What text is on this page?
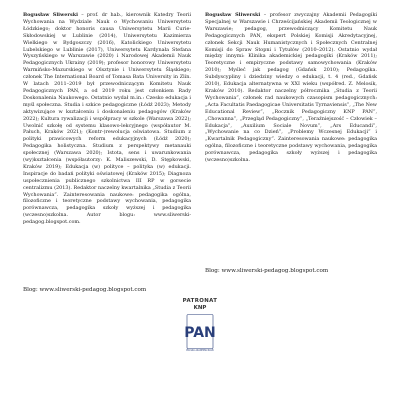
Bogusław Śliwerski – prof. dr hab., kierownik Katedry Teorii Wychowania na Wydziale Nauk o Wychowaniu Uniwersytetu Łódzkiego; doktor honoris causa Uniwersytetu Marii Curie-Skłodowskiej w Lublinie (2014), Uniwersytetu Kazimierza Wielkiego w Bydgoszczy (2016), Katolickiego Uniwersytetu Lubelskiego w Lublinie (2017), Uniwersytetu Kardynała Stefana Wyszyńskiego w Warszawie (2020) i Narodowej Akademii Nauk Pedagogicznych Ukrainy (2019); profesor honorowy Uniwersytetu Warmińsko-Mazurskiego w Olsztynie i Uniwersytetu Śląskiego; członek The International Board of Tomasa Bata University in Zlín. W latach 2011–2019 był przewodniczącym Komitetu Nauk Pedagogicznych PAN, a od 2019 roku jest członkiem Rady Doskonalenia Naukowego. Ostatnio wydał m.in.: Czesko edukacja i myśl społeczna. Studia i szkice pedagogiczne (Łódź 2023); Metody aktywizujące w kształceniu i doskonaleniu pedagogów (Kraków 2022); Kultura rywalizacji i współpracy w szkole (Warszawa 2022); Uwolnić szkołę od systemu klasowo-lekcyjnego (współautor M. Pałuch, Kraków 2021); (Kontr-)rewolucja oświatowa. Studium z polityki prawicowych reform edukacyjnych (Łódź 2020); Pedagogika holistyczna. Studium z perspektywy metanauki społecznej (Warszawa 2020); Istota, sens i uwarunkowania (wy)kształcenia (współautorzy: K. Maliszewski, D. Stępkowski, Kraków 2019); Edukacja (w) polityce – polityka (w) edukacji. Inspiracje do badań polityki oświatowej (Kraków 2015); Diagnoza uspołecznienia publicznego szkolnictwa III RP w gorsecie centralizmu (2013). Redaktor naczelny kwartalnika „Studia z Teorii Wychowania”. Zainteresowania naukowe: pedagogika ogólna, filozoficzne i teoretyczne podstawy wychowania, pedagogika porównawcza, pedagogika szkoły wyższej i pedagogika (wczesno)szkolna. Autor blogu: www.sliwerski-pedagog.blogspot.com.

Bogusław Śliwerski – profesor zwyczajny Akademii Pedagogiki Specjalnej w Warszawie i Chrześcijańskiej Akademii Teologicznej w Warszawie; pedagog, przewodniczący Komitetu Nauk Pedagogicznych PAN, ekspert Polskiej Komisji Akredytacyjnej, członek Sekcji Nauk Humanistycznych i Społecznych Centralnej Komisji do Spraw Stopni i Tytułów (2010–2012). Ostatnio wydał między innymi: Klinika akademickiej pedagogiki (Kraków 2011); Teoretyczne i empiryczne podstawy samowychowania (Kraków 2010); Myśleć jak pedagog (Gdańsk 2010); Pedagogika. Subdyscypliny i dziedziny wiedzy o edukacji, t. 4 (red., Gdańsk 2010), Edukacja alternatywna w XXI wieku (współred. Z. Melosik, Kraków 2010). Redaktor naczelny półrocznika „Studia z Teorii Wychowania”, członek rad naukowych czasopism pedagogicznych: „Acta Facultatis Paedagogicae Universitatis Tyrnaviensis”, „The New Educational Review”, „Rocznik Pedagogiczny KNP PAN”, „Chowanna”, „Przegląd Pedagogiczny”, „Teraźniejszość – Człowiek – Edukacja”, „Auxilium Sociale Novum”, „Ars Educandi”, „Wychowanie na co Dzień”, „Problemy Wczesnej Edukacji” i „Kwartalnik Pedagogiczny”. Zainteresowania naukowe: pedagogika ogólna, filozoficzne i teoretyczne podstawy wychowania, pedagogika porównawcza, pedagogika szkoły wyższej i pedagogika (wczesno)szkolna.

Blog: www.sliwerski-pedagog.blogspot.com
Blog: www.sliwerski-pedagog.blogspot.com
PATRONAT
KNP
PAN
POLSKA AKADEMIA NAUK
